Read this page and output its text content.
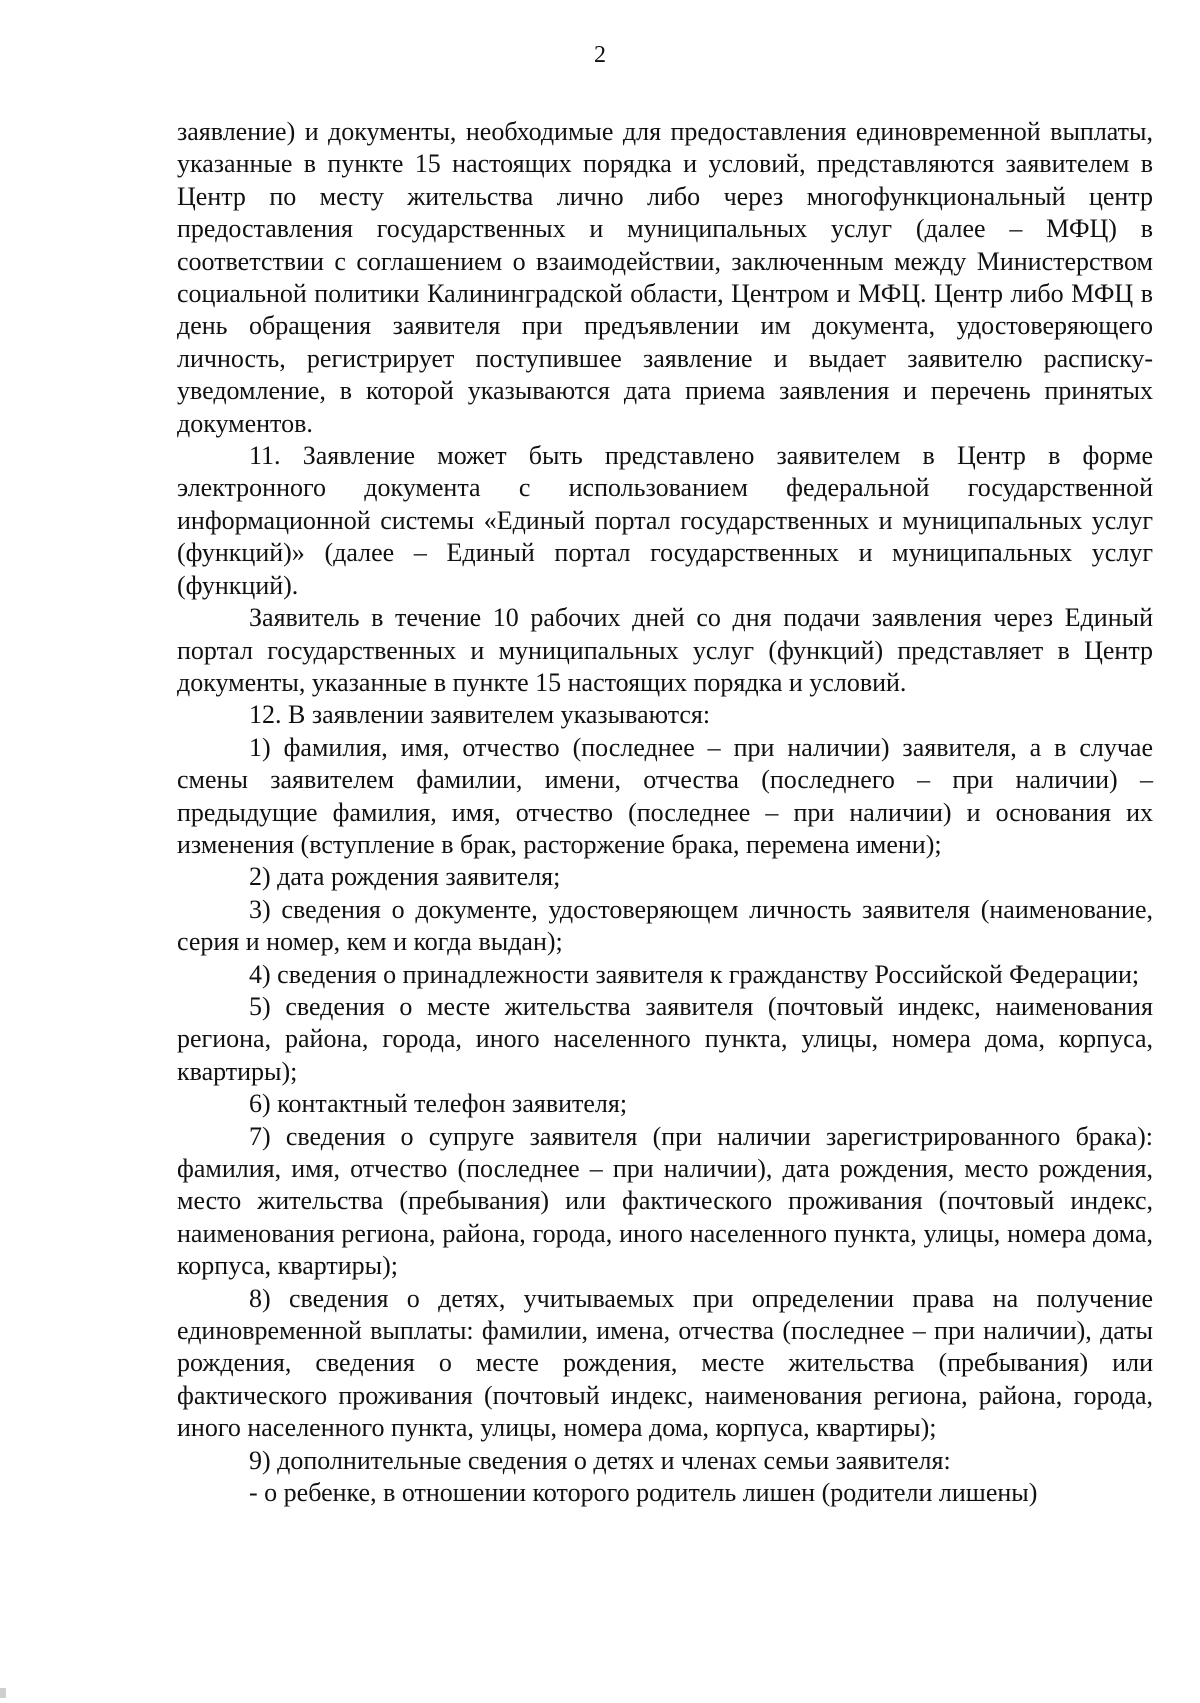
2

заявление) и документы, необходимые для предоставления единовременной выплаты, указанные в пункте 15 настоящих порядка и условий, представляются заявителем в Центр по месту жительства лично либо через многофункциональный центр предоставления государственных и муниципальных услуг (далее – МФЦ) в соответствии с соглашением о взаимодействии, заключенным между Министерством социальной политики Калининградской области, Центром и МФЦ. Центр либо МФЦ в день обращения заявителя при предъявлении им документа, удостоверяющего личность, регистрирует поступившее заявление и выдает заявителю расписку-уведомление, в которой указываются дата приема заявления и перечень принятых документов.

11. Заявление может быть представлено заявителем в Центр в форме электронного документа с использованием федеральной государственной информационной системы «Единый портал государственных и муниципальных услуг (функций)» (далее – Единый портал государственных и муниципальных услуг (функций).

Заявитель в течение 10 рабочих дней со дня подачи заявления через Единый портал государственных и муниципальных услуг (функций) представляет в Центр документы, указанные в пункте 15 настоящих порядка и условий.

12. В заявлении заявителем указываются:

1) фамилия, имя, отчество (последнее – при наличии) заявителя, а в случае смены заявителем фамилии, имени, отчества (последнего – при наличии) – предыдущие фамилия, имя, отчество (последнее – при наличии) и основания их изменения (вступление в брак, расторжение брака, перемена имени);

2) дата рождения заявителя;

3) сведения о документе, удостоверяющем личность заявителя (наименование, серия и номер, кем и когда выдан);

4) сведения о принадлежности заявителя к гражданству Российской Федерации;

5) сведения о месте жительства заявителя (почтовый индекс, наименования региона, района, города, иного населенного пункта, улицы, номера дома, корпуса, квартиры);

6) контактный телефон заявителя;

7) сведения о супруге заявителя (при наличии зарегистрированного брака): фамилия, имя, отчество (последнее – при наличии), дата рождения, место рождения, место жительства (пребывания) или фактического проживания (почтовый индекс, наименования региона, района, города, иного населенного пункта, улицы, номера дома, корпуса, квартиры);

8) сведения о детях, учитываемых при определении права на получение единовременной выплаты: фамилии, имена, отчества (последнее – при наличии), даты рождения, сведения о месте рождения, месте жительства (пребывания) или фактического проживания (почтовый индекс, наименования региона, района, города, иного населенного пункта, улицы, номера дома, корпуса, квартиры);

9) дополнительные сведения о детях и членах семьи заявителя:

- о ребенке, в отношении которого родитель лишен (родители лишены)
